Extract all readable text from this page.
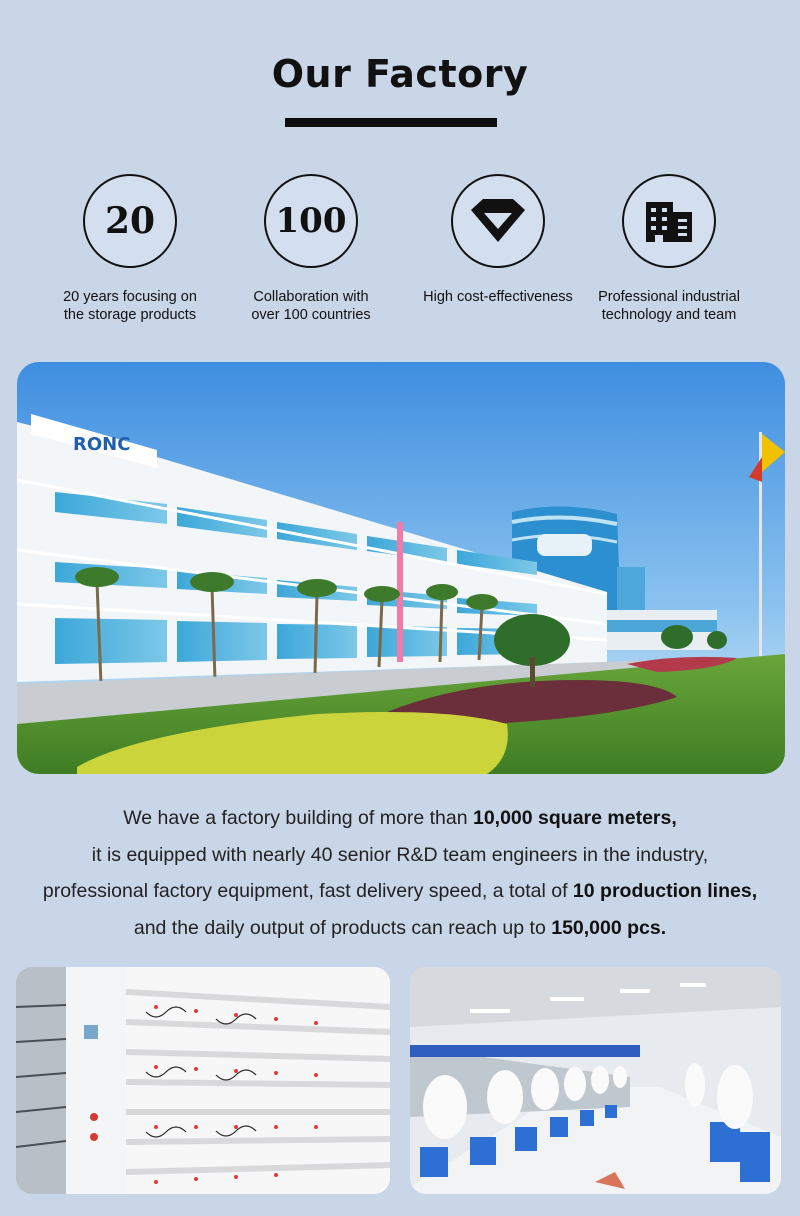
Our Factory
20
20 years focusing on
the storage products
100
Collaboration with
over 100 countries
High cost-effectiveness	Professional industrial
technology and team
RONC
We have a factory building of more than 10,000 square meters,
it is equipped with nearly 40 senior R&D team engineers in the industry,
professional factory equipment, fast delivery speed, a total of 10 production lines,
and the daily output of products can reach up to 150,000 pcs.
